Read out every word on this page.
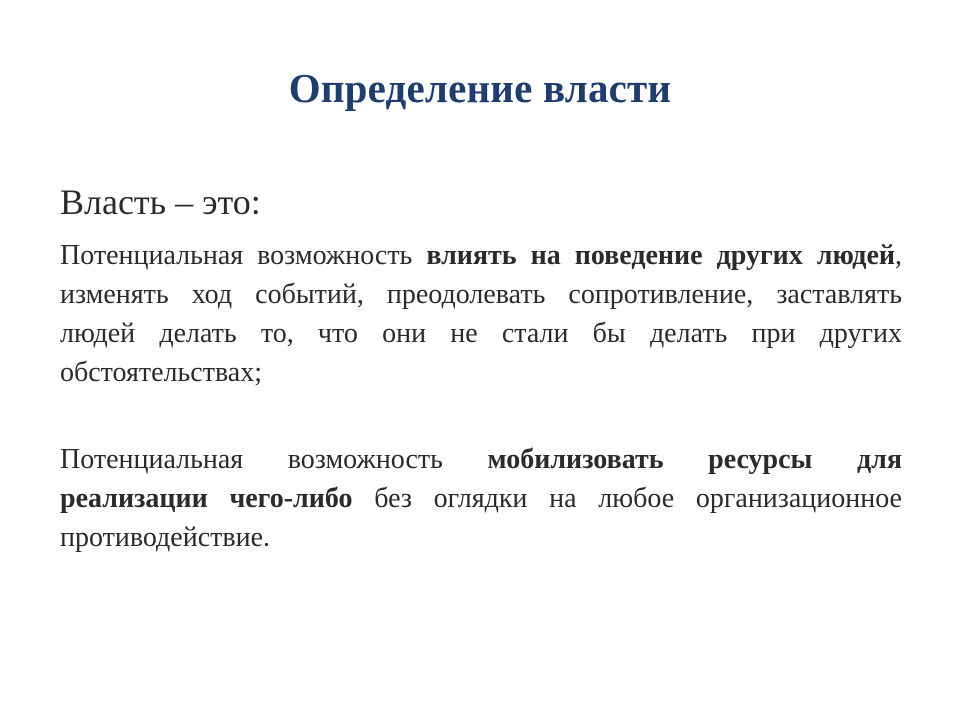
Определение власти

Власть – это:

Потенциальная возможность влиять на поведение других людей, изменять ход событий, преодолевать сопротивление, заставлять людей делать то, что они не стали бы делать при других обстоятельствах;

Потенциальная возможность мобилизовать ресурсы для реализации чего-либо без оглядки на любое организационное противодействие.
